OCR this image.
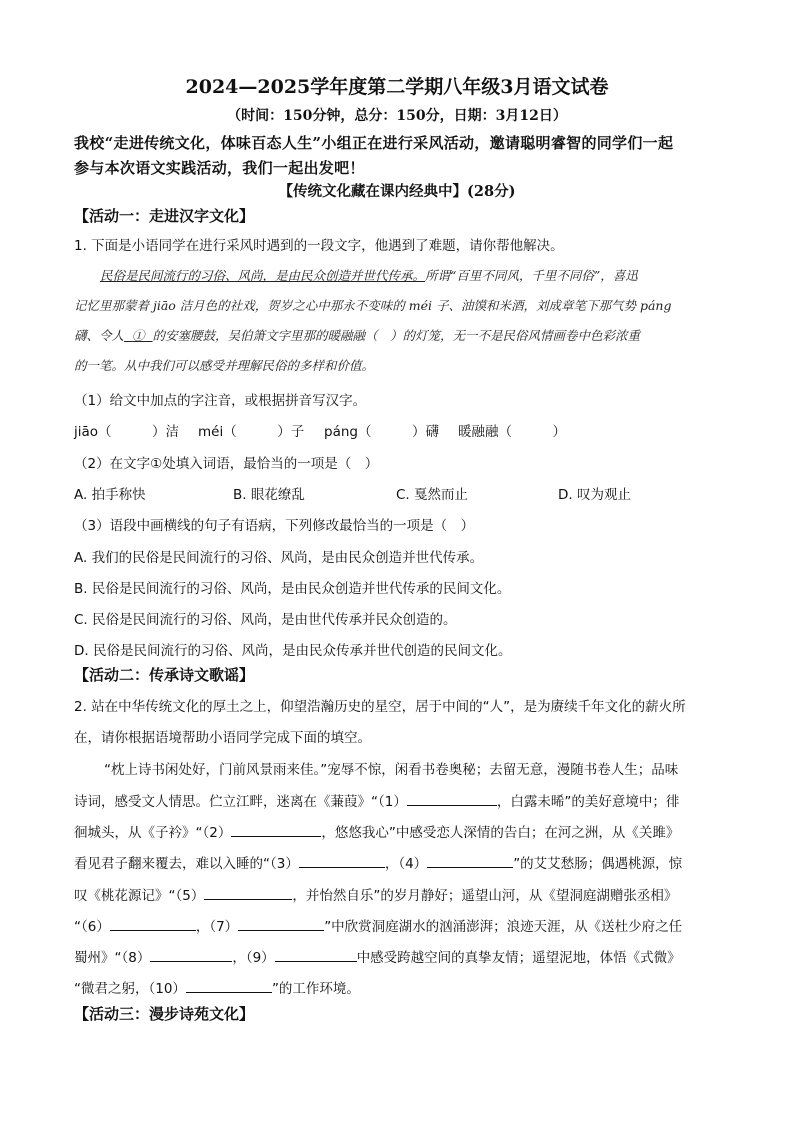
2024—2025学年度第二学期八年级3月语文试卷
（时间：150分钟，总分：150分，日期：3月12日）
我校“走进传统文化，体味百态人生”小组正在进行采风活动，邀请聪明睿智的同学们一起
参与本次语文实践活动，我们一起出发吧！
【传统文化藏在课内经典中】(28分)
【活动一：走进汉字文化】
1. 下面是小语同学在进行采风时遇到的一段文字，他遇到了难题，请你帮他解决。
民俗是民间流行的习俗、风尚，是由民众创造并世代传承。所谓“百里不同风，千里不同俗”，喜迅
记忆里那蒙着 jiāo 洁月色的社戏，贺岁之心中那永不变味的 méi 子、油馍和米酒，刘成章笔下那气势 páng
礴、令人 ① 的安塞腰鼓，吴伯箫文字里那的暖融融（　）的灯笼，无一不是民俗风情画卷中色彩浓重
的一笔。从中我们可以感受并理解民俗的多样和价值。
（1）给文中加点的字注音，或根据拼音写汉字。
jiāo（　　　）洁 méi（　　　）子 páng（　　　）礴 暖融融（　　　）
（2）在文字①处填入词语，最恰当的一项是（　）
A. 拍手称快	B. 眼花缭乱	C. 戛然而止	D. 叹为观止
（3）语段中画横线的句子有语病，下列修改最恰当的一项是（　）
A. 我们的民俗是民间流行的习俗、风尚，是由民众创造并世代传承。
B. 民俗是民间流行的习俗、风尚，是由民众创造并世代传承的民间文化。
C. 民俗是民间流行的习俗、风尚，是由世代传承并民众创造的。
D. 民俗是民间流行的习俗、风尚，是由民众传承并世代创造的民间文化。
【活动二：传承诗文歌谣】
2. 站在中华传统文化的厚土之上，仰望浩瀚历史的星空，居于中间的“人”，是为赓续千年文化的薪火所
在，请你根据语境帮助小语同学完成下面的填空。
“枕上诗书闲处好，门前风景雨来佳。”宠辱不惊，闲看书卷奥秘；去留无意，漫随书卷人生；品味
诗词，感受文人情思。伫立江畔，迷离在《蒹葭》“（1）	，白露未晞”的美好意境中；徘
徊城头，从《子衿》“（2）	，悠悠我心”中感受恋人深情的告白；在河之洲，从《关雎》
看见君子翻来覆去，难以入睡的“（3）	，（4）	”的艾艾愁肠；偶遇桃源，惊
叹《桃花源记》“（5）	，并怡然自乐”的岁月静好；遥望山河，从《望洞庭湖赠张丞相》
“（6）	，（7）	”中欣赏洞庭湖水的汹涌澎湃；浪迹天涯，从《送杜少府之任
蜀州》“（8）	，（9）	中感受跨越空间的真挚友情；遥望泥地，体悟《式微》
“微君之躬，（10）	”的工作环境。
【活动三：漫步诗苑文化】
